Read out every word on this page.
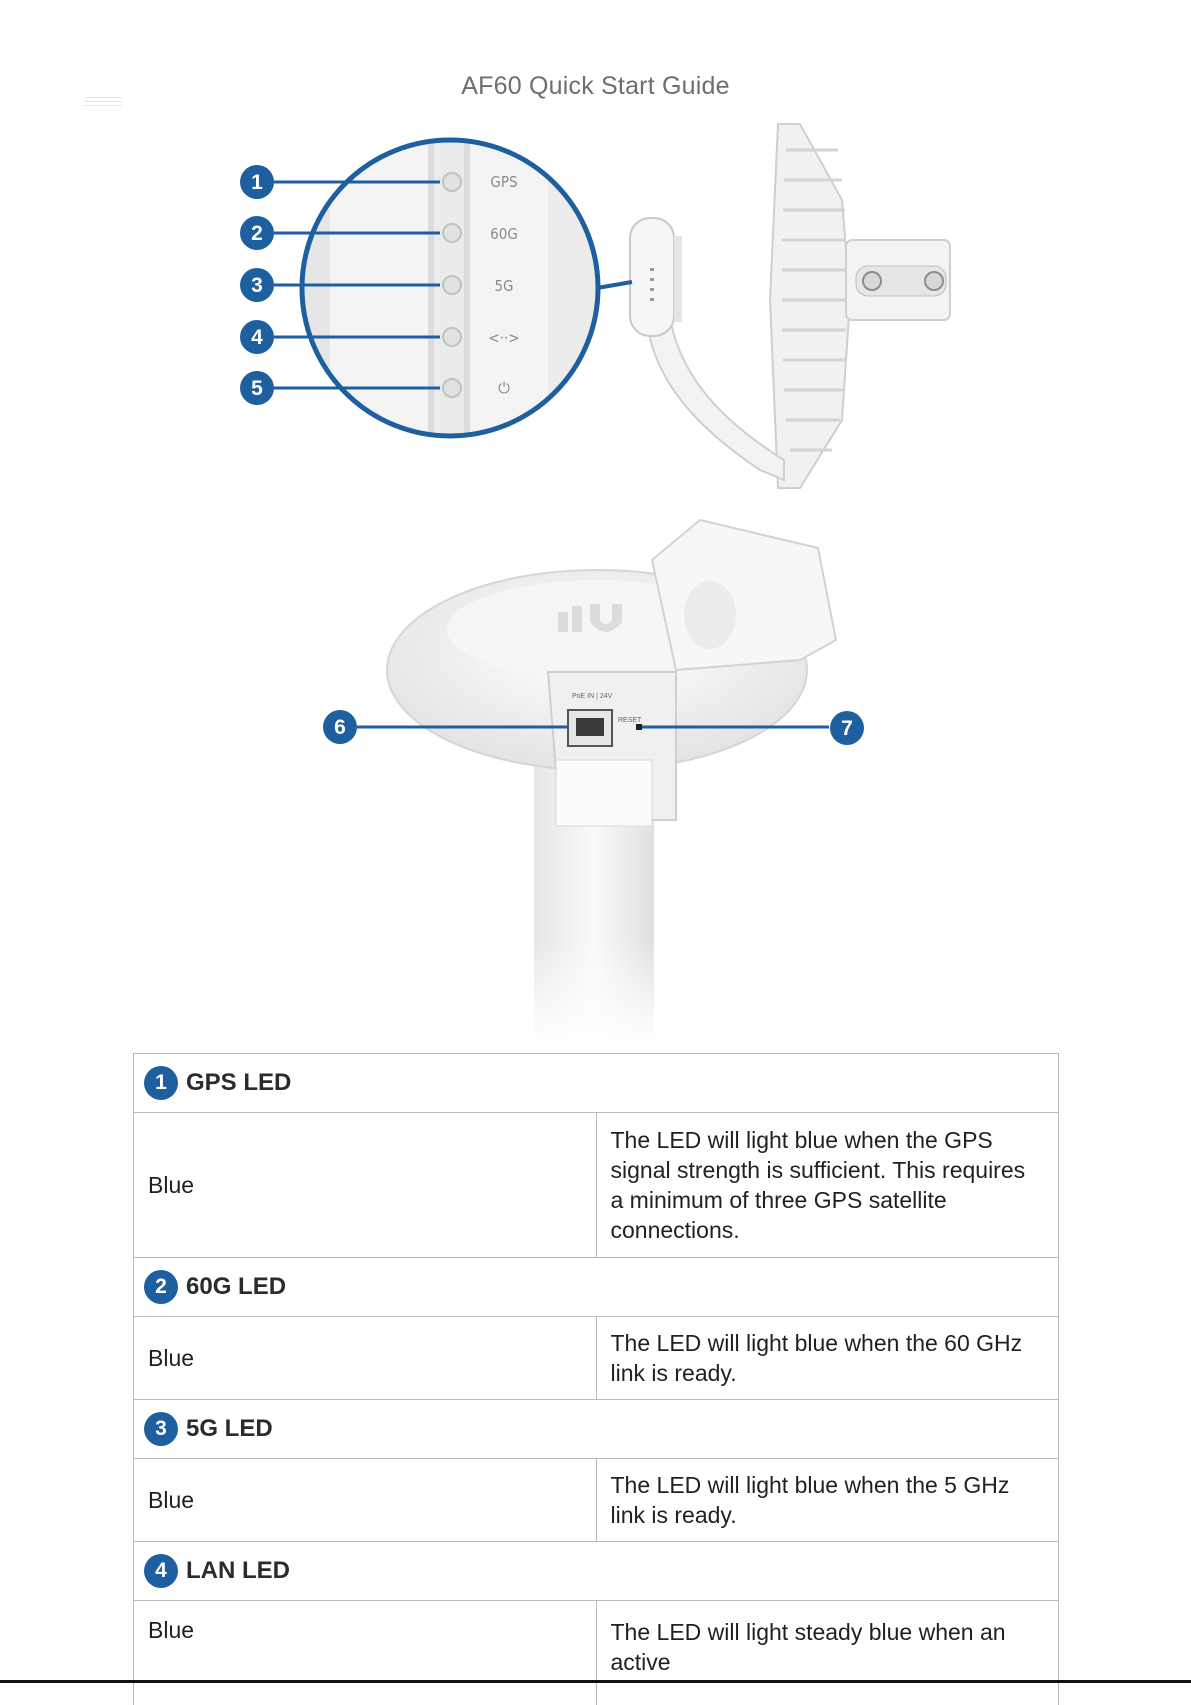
AF60 Quick Start Guide
GPS
60G
5G
<··>
⏻
1
2
3
4
5
PoE IN | 24V
RESET
6	7
1 GPS LED	

Blue	The LED will light blue when the GPS signal strength is sufficient. This requires a minimum of three GPS satellite connections.

2 60G LED	

Blue	The LED will light blue when the 60 GHz link is ready.

3 5G LED	

Blue	The LED will light blue when the 5 GHz link is ready.

4 LAN LED	

Blue	The LED will light steady blue when an active
